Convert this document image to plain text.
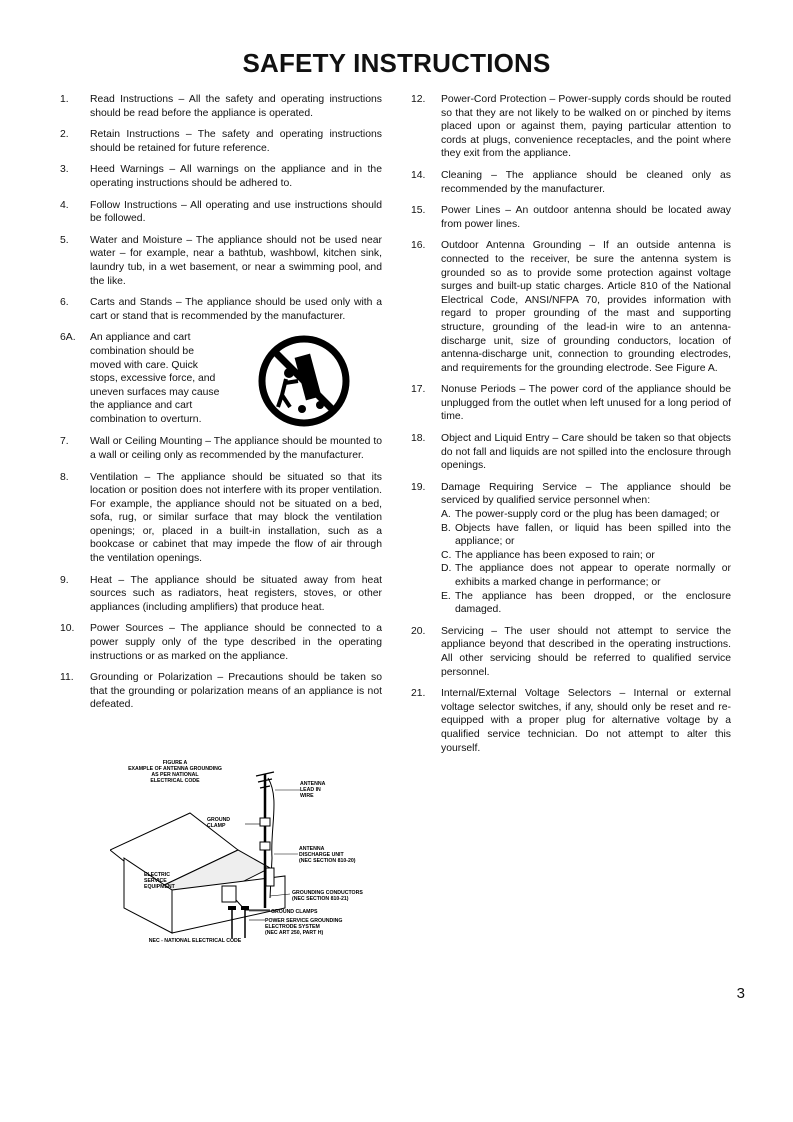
SAFETY INSTRUCTIONS
1.	Read Instructions – All the safety and operating instructions should be read before the appliance is operated.
2.	Retain Instructions – The safety and operating instructions should be retained for future reference.
3.	Heed Warnings – All warnings on the appliance and in the operating instructions should be adhered to.
4.	Follow Instructions – All operating and use instructions should be followed.
5.	Water and Moisture – The appliance should not be used near water – for example, near a bathtub, washbowl, kitchen sink, laundry tub, in a wet basement, or near a swimming pool, and the like.
6.	Carts and Stands – The appliance should be used only with a cart or stand that is recommended by the manufacturer.
6A.	An appliance and cart combination should be moved with care. Quick stops, excessive force, and uneven surfaces may cause the appliance and cart combination to overturn.
7.	Wall or Ceiling Mounting – The appliance should be mounted to a wall or ceiling only as recommended by the manufacturer.
8.	Ventilation – The appliance should be situated so that its location or position does not interfere with its proper ventilation. For example, the appliance should not be situated on a bed, sofa, rug, or similar surface that may block the ventilation openings; or, placed in a built-in installation, such as a bookcase or cabinet that may impede the flow of air through the ventilation openings.
9.	Heat – The appliance should be situated away from heat sources such as radiators, heat registers, stoves, or other appliances (including amplifiers) that produce heat.
10.	Power Sources – The appliance should be connected to a power supply only of the type described in the operating instructions or as marked on the appliance.
11.	Grounding or Polarization – Precautions should be taken so that the grounding or polarization means of an appliance is not defeated.
12.	Power-Cord Protection – Power-supply cords should be routed so that they are not likely to be walked on or pinched by items placed upon or against them, paying particular attention to cords at plugs, convenience receptacles, and the point where they exit from the appliance.
14.	Cleaning – The appliance should be cleaned only as recommended by the manufacturer.
15.	Power Lines – An outdoor antenna should be located away from power lines.
16.	Outdoor Antenna Grounding – If an outside antenna is connected to the receiver, be sure the antenna system is grounded so as to provide some protection against voltage surges and built-up static charges. Article 810 of the National Electrical Code, ANSI/NFPA 70, provides information with regard to proper grounding of the mast and supporting structure, grounding of the lead-in wire to an antenna-discharge unit, size of grounding conductors, location of antenna-discharge unit, connection to grounding electrodes, and requirements for the grounding electrode. See Figure A.
17.	Nonuse Periods – The power cord of the appliance should be unplugged from the outlet when left unused for a long period of time.
18.	Object and Liquid Entry – Care should be taken so that objects do not fall and liquids are not spilled into the enclosure through openings.
19.	Damage Requiring Service – The appliance should be serviced by qualified service personnel when:
A. The power-supply cord or the plug has been damaged; or
B. Objects have fallen, or liquid has been spilled into the appliance; or
C. The appliance has been exposed to rain; or
D. The appliance does not appear to operate normally or exhibits a marked change in performance; or
E. The appliance has been dropped, or the enclosure damaged.
20.	Servicing – The user should not attempt to service the appliance beyond that described in the operating instructions. All other servicing should be referred to qualified service personnel.
21.	Internal/External Voltage Selectors – Internal or external voltage selector switches, if any, should only be reset and re-equipped with a proper plug for alternative voltage by a qualified service technician. Do not attempt to alter this yourself.
FIGURE A
EXAMPLE OF ANTENNA GROUNDING
AS PER NATIONAL
ELECTRICAL CODE	ANTENNA
LEAD IN
WIRE
GROUND
CLAMP
ANTENNA
DISCHARGE UNIT
(NEC SECTION 810-20)
ELECTRIC
SERVICE
EQUIPMENT
GROUNDING CONDUCTORS
(NEC SECTION 810-21)
GROUND CLAMPS
POWER SERVICE GROUNDING
ELECTRODE SYSTEM
(NEC ART 250, PART H)
NEC - NATIONAL ELECTRICAL CODE
3
